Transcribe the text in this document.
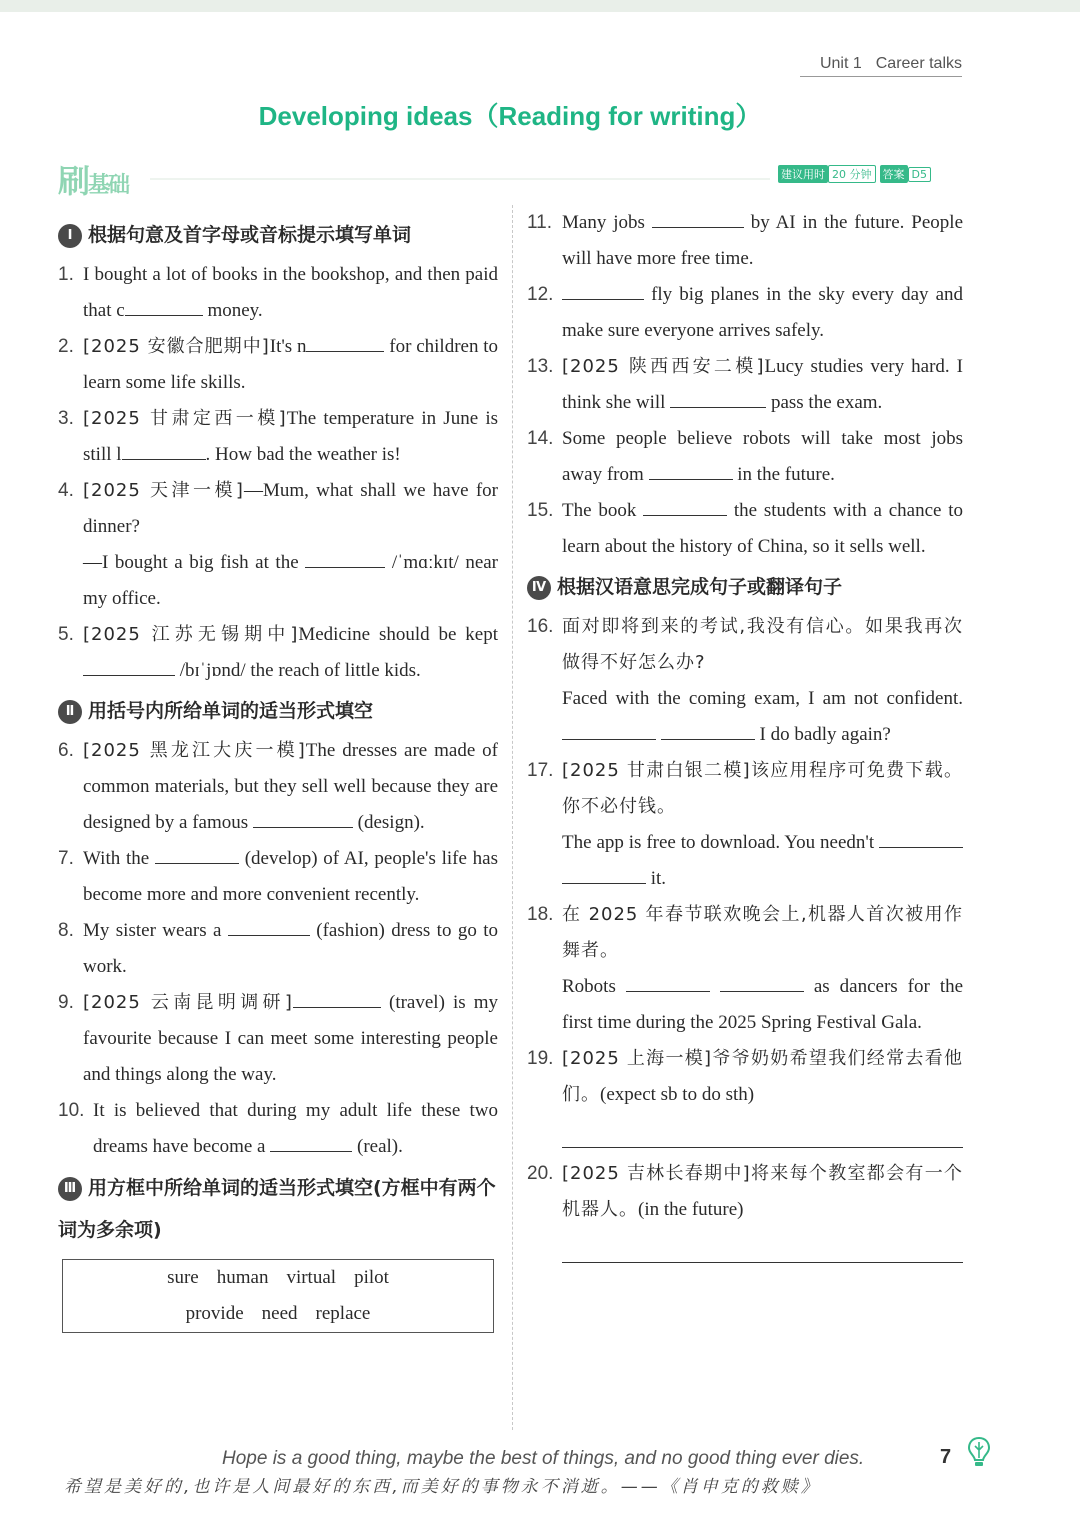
Unit 1 Career talks
Developing ideas（Reading for writing）
刷基础	建议用时 20 分钟 答案 D5
Ⅰ 根据句意及首字母或音标提示填写单词
1. I bought a lot of books in the bookshop, and then paid that c	money.
2. [2025 安徽合肥期中]It's n	for children to learn some life skills.
3. [2025 甘肃定西一模]The temperature in June is still l	. How bad the weather is!
4. [2025 天津一模]—Mum, what shall we have for dinner?
—I bought a big fish at the	/ˈmɑːkɪt/ near my office.
5. [2025 江苏无锡期中]Medicine should be kept  /bɪˈjɒnd/ the reach of little kids.
Ⅱ 用括号内所给单词的适当形式填空
6. [2025 黑龙江大庆一模]The dresses are made of common materials, but they sell well because they are designed by a famous	(design).
7. With the	(develop) of AI, people's life has become more and more convenient recently.
8. My sister wears a	(fashion) dress to go to work.
9. [2025 云南昆明调研]	(travel) is my favourite because I can meet some interesting people and things along the way.
10. It is believed that during my adult life these two dreams have become a	(real).
Ⅲ 用方框中所给单词的适当形式填空(方框中有两个词为多余项)
sure human virtual pilot
provide need replace
11. Many jobs	by AI in the future. People will have more free time.
12.	fly big planes in the sky every day and make sure everyone arrives safely.
13. [2025 陕西西安二模]Lucy studies very hard. I think she will	pass the exam.
14. Some people believe robots will take most jobs away from	in the future.
15. The book	the students with a chance to learn about the history of China, so it sells well.
Ⅳ 根据汉语意思完成句子或翻译句子
16. 面对即将到来的考试,我没有信心。如果我再次做得不好怎么办?
Faced with the coming exam, I am not confident.   I do badly again?
17. [2025 甘肃白银二模]该应用程序可免费下载。你不必付钱。
The app is free to download. You needn't   it.
18. 在 2025 年春节联欢晚会上,机器人首次被用作舞者。
Robots	as dancers for the first time during the 2025 Spring Festival Gala.
19. [2025 上海一模]爷爷奶奶希望我们经常去看他们。(expect sb to do sth)
20. [2025 吉林长春期中]将来每个教室都会有一个机器人。(in the future)
Hope is a good thing, maybe the best of things, and no good thing ever dies.
希望是美好的,也许是人间最好的东西,而美好的事物永不消逝。——《肖申克的救赎》
7
